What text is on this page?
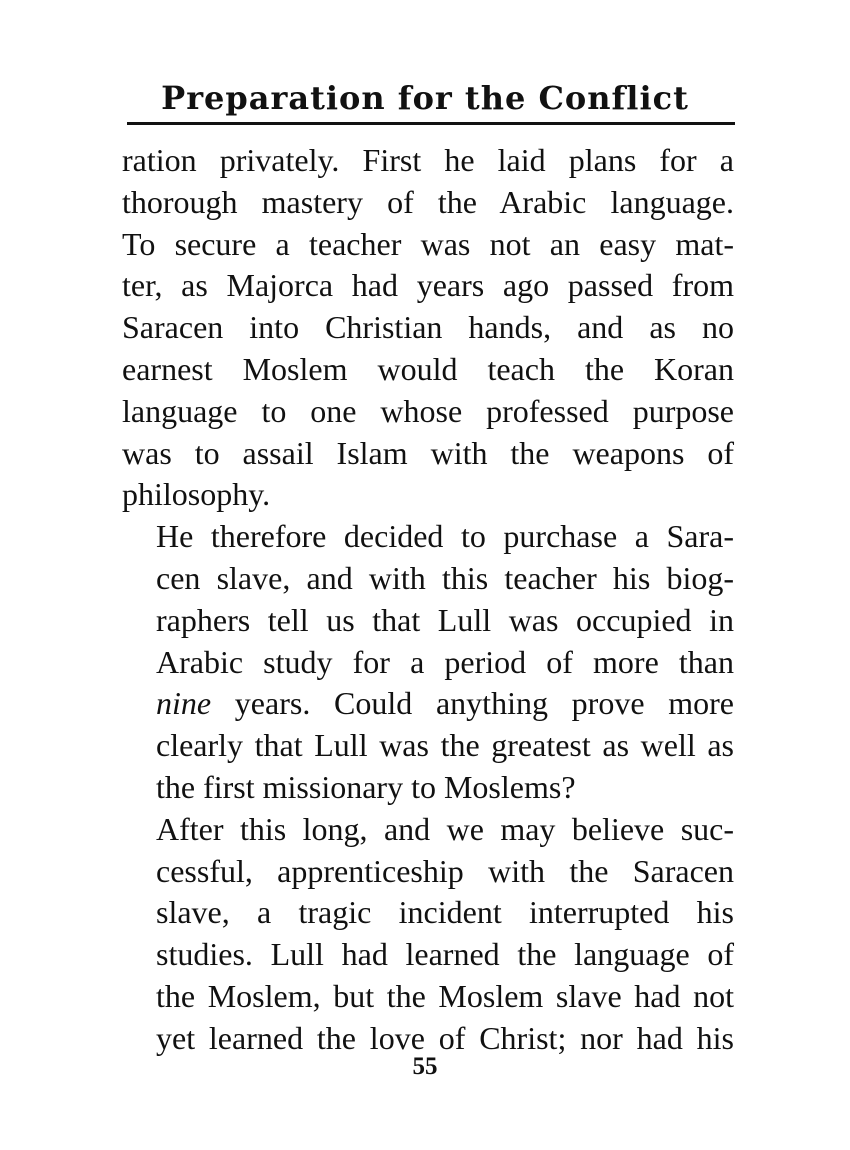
Preparation for the Conflict

ration privately. First he laid plans for a
thorough mastery of the Arabic language.
To secure a teacher was not an easy mat-
ter, as Majorca had years ago passed from
Saracen into Christian hands, and as no
earnest Moslem would teach the Koran
language to one whose professed purpose
was to assail Islam with the weapons of
philosophy.

He therefore decided to purchase a Sara-
cen slave, and with this teacher his biog-
raphers tell us that Lull was occupied in
Arabic study for a period of more than
nine years. Could anything prove more
clearly that Lull was the greatest as well as
the first missionary to Moslems?

After this long, and we may believe suc-
cessful, apprenticeship with the Saracen
slave, a tragic incident interrupted his
studies. Lull had learned the language of
the Moslem, but the Moslem slave had not
yet learned the love of Christ; nor had his

55
